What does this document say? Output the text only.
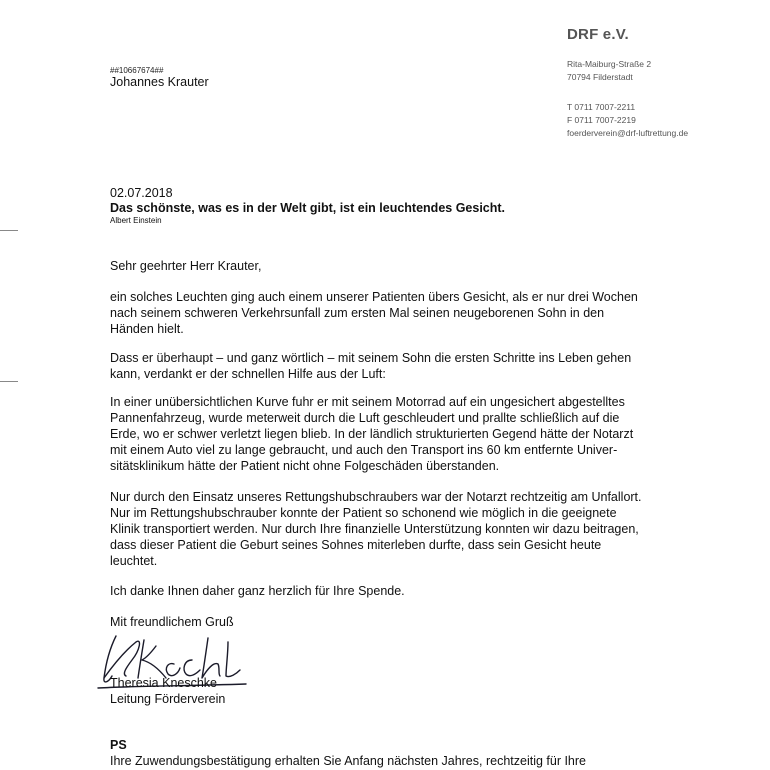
DRF e.V.
Rita-Maiburg-Straße 2
70794 Filderstadt
T 0711 7007-2211
F 0711 7007-2219
foerderverein@drf-luftrettung.de
##10667674##
Johannes Krauter
02.07.2018
Das schönste, was es in der Welt gibt, ist ein leuchtendes Gesicht.
Albert Einstein
Sehr geehrter Herr Krauter,
ein solches Leuchten ging auch einem unserer Patienten übers Gesicht, als er nur drei Wochen
nach seinem schweren Verkehrsunfall zum ersten Mal seinen neugeborenen Sohn in den
Händen hielt.
Dass er überhaupt – und ganz wörtlich – mit seinem Sohn die ersten Schritte ins Leben gehen
kann, verdankt er der schnellen Hilfe aus der Luft:
In einer unübersichtlichen Kurve fuhr er mit seinem Motorrad auf ein ungesichert abgestelltes
Pannenfahrzeug, wurde meterweit durch die Luft geschleudert und prallte schließlich auf die
Erde, wo er schwer verletzt liegen blieb. In der ländlich strukturierten Gegend hätte der Notarzt
mit einem Auto viel zu lange gebraucht, und auch den Transport ins 60 km entfernte Univer-
sitätsklinikum hätte der Patient nicht ohne Folgeschäden überstanden.
Nur durch den Einsatz unseres Rettungshubschraubers war der Notarzt rechtzeitig am Unfallort.
Nur im Rettungshubschrauber konnte der Patient so schonend wie möglich in die geeignete
Klinik transportiert werden. Nur durch Ihre finanzielle Unterstützung konnten wir dazu beitragen,
dass dieser Patient die Geburt seines Sohnes miterleben durfte, dass sein Gesicht heute
leuchtet.
Ich danke Ihnen daher ganz herzlich für Ihre Spende.
Mit freundlichem Gruß
Theresia Kneschke
Leitung Förderverein
PS
Ihre Zuwendungsbestätigung erhalten Sie Anfang nächsten Jahres, rechtzeitig für Ihre
